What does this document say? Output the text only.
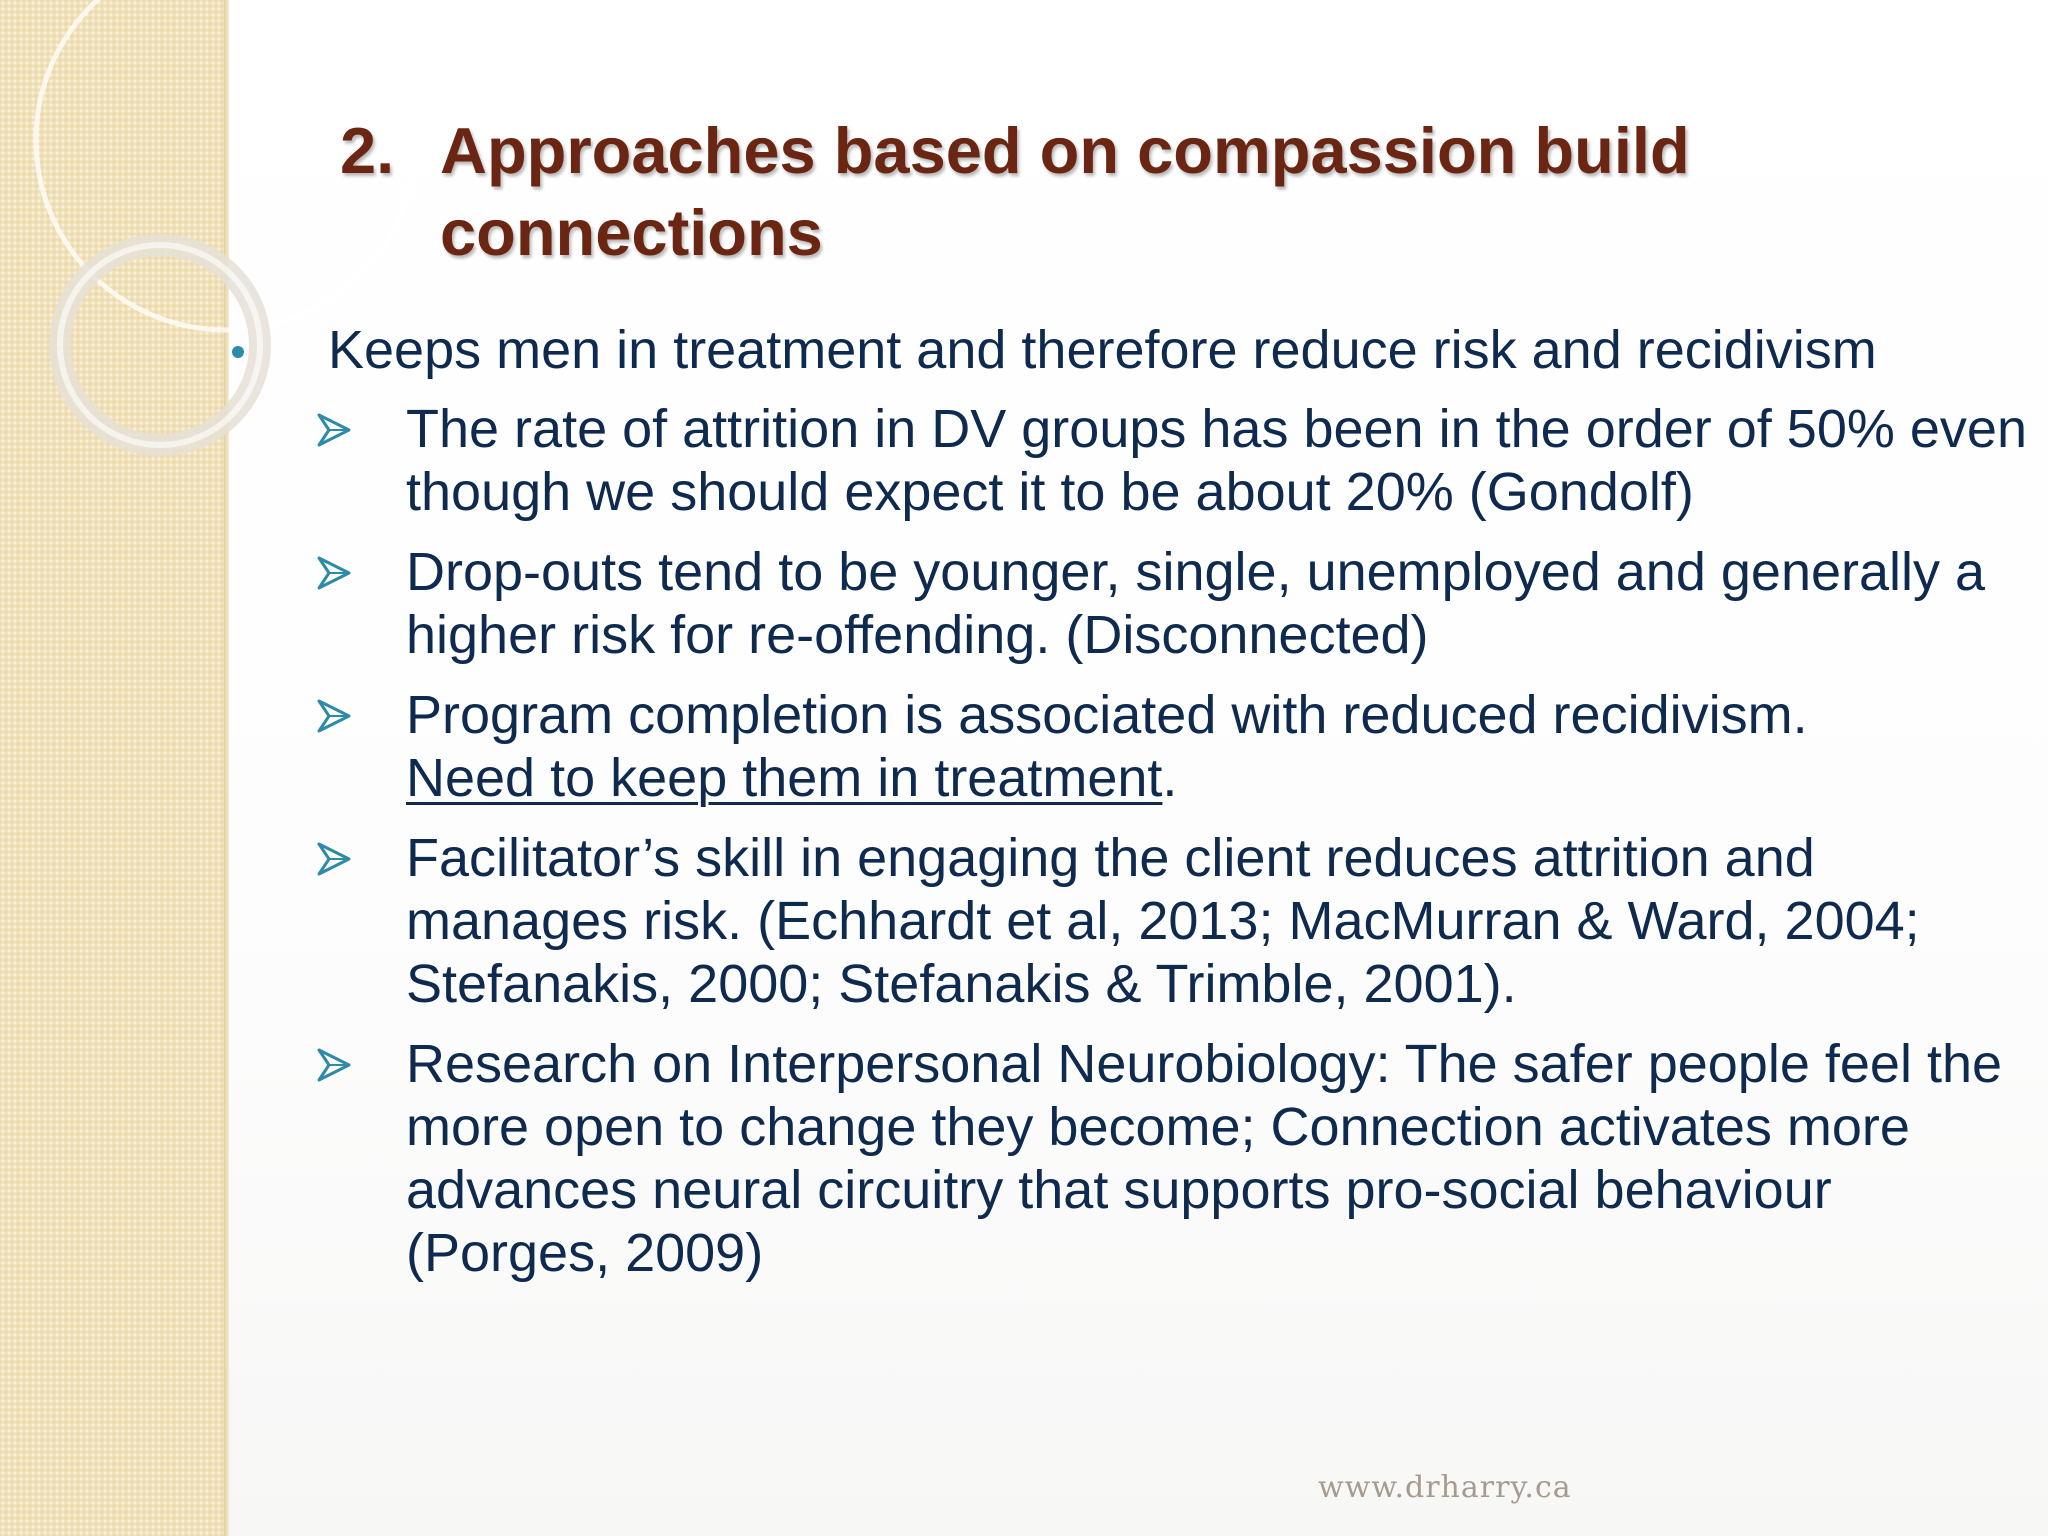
2. Approaches based on compassion build
connections
Keeps men in treatment and therefore reduce risk and recidivism
The rate of attrition in DV groups has been in the order of 50% even though we should expect it to be about 20% (Gondolf)
Drop-outs tend to be younger, single, unemployed and generally a higher risk for re-offending. (Disconnected)
Program completion is associated with reduced recidivism.
Need to keep them in treatment.
Facilitator’s skill in engaging the client reduces attrition and manages risk. (Echhardt et al, 2013; MacMurran & Ward, 2004; Stefanakis, 2000; Stefanakis & Trimble, 2001).
Research on Interpersonal Neurobiology: The safer people feel the more open to change they become; Connection activates more advances neural circuitry that supports pro-social behaviour (Porges, 2009)
www.drharry.ca
